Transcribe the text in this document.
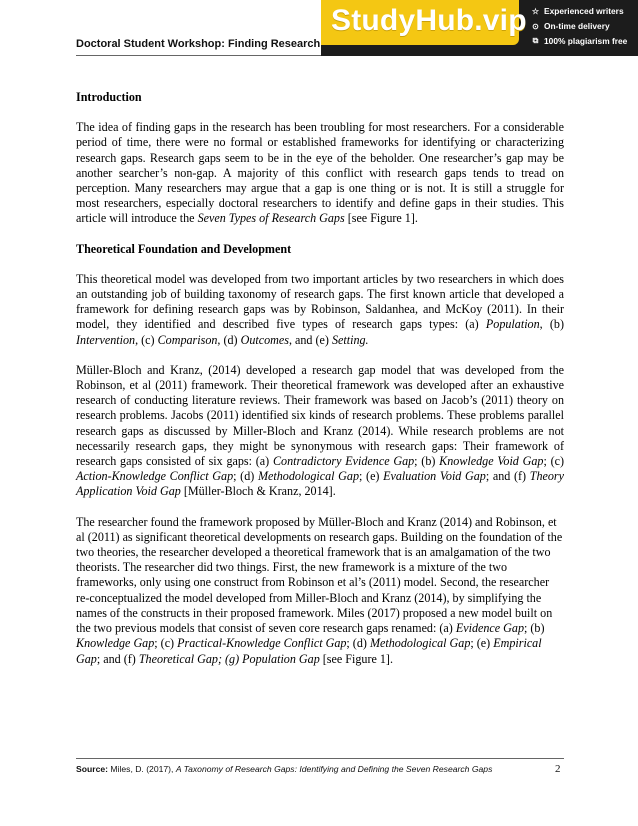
Doctoral Student Workshop: Finding Research
StudyHub.vip ☆ Experienced writers
⊙ On-time delivery
⧉ 100% plagiarism free
Introduction

The idea of finding gaps in the research has been troubling for most researchers. For a considerable period of time, there were no formal or established frameworks for identifying or characterizing research gaps. Research gaps seem to be in the eye of the beholder. One researcher’s gap may be another searcher’s non-gap. A majority of this conflict with research gaps tends to tread on perception. Many researchers may argue that a gap is one thing or is not. It is still a struggle for most researchers, especially doctoral researchers to identify and define gaps in their studies. This article will introduce the Seven Types of Research Gaps [see Figure 1].

Theoretical Foundation and Development

This theoretical model was developed from two important articles by two researchers in which does an outstanding job of building taxonomy of research gaps. The first known article that developed a framework for defining research gaps was by Robinson, Saldanhea, and McKoy (2011). In their model, they identified and described five types of research gaps types: (a) Population, (b) Intervention, (c) Comparison, (d) Outcomes, and (e) Setting.

Müller-Bloch and Kranz, (2014) developed a research gap model that was developed from the Robinson, et al (2011) framework. Their theoretical framework was developed after an exhaustive research of conducting literature reviews. Their framework was based on Jacob’s (2011) theory on research problems. Jacobs (2011) identified six kinds of research problems. These problems parallel research gaps as discussed by Miller-Bloch and Kranz (2014). While research problems are not necessarily research gaps, they might be synonymous with research gaps: Their framework of research gaps consisted of six gaps: (a) Contradictory Evidence Gap; (b) Knowledge Void Gap; (c) Action-Knowledge Conflict Gap; (d) Methodological Gap; (e) Evaluation Void Gap; and (f) Theory Application Void Gap [Müller-Bloch & Kranz, 2014].

The researcher found the framework proposed by Müller-Bloch and Kranz (2014) and Robinson, et al (2011) as significant theoretical developments on research gaps. Building on the foundation of the two theories, the researcher developed a theoretical framework that is an amalgamation of the two theorists. The researcher did two things. First, the new framework is a mixture of the two frameworks, only using one construct from Robinson et al’s (2011) model. Second, the researcher re-conceptualized the model developed from Miller-Bloch and Kranz (2014), by simplifying the names of the constructs in their proposed framework. Miles (2017) proposed a new model built on the two previous models that consist of seven core research gaps renamed: (a) Evidence Gap; (b) Knowledge Gap; (c) Practical-Knowledge Conflict Gap; (d) Methodological Gap; (e) Empirical Gap; and (f) Theoretical Gap; (g) Population Gap [see Figure 1].

Source: Miles, D. (2017), A Taxonomy of Research Gaps: Identifying and Defining the Seven Research Gaps	2
